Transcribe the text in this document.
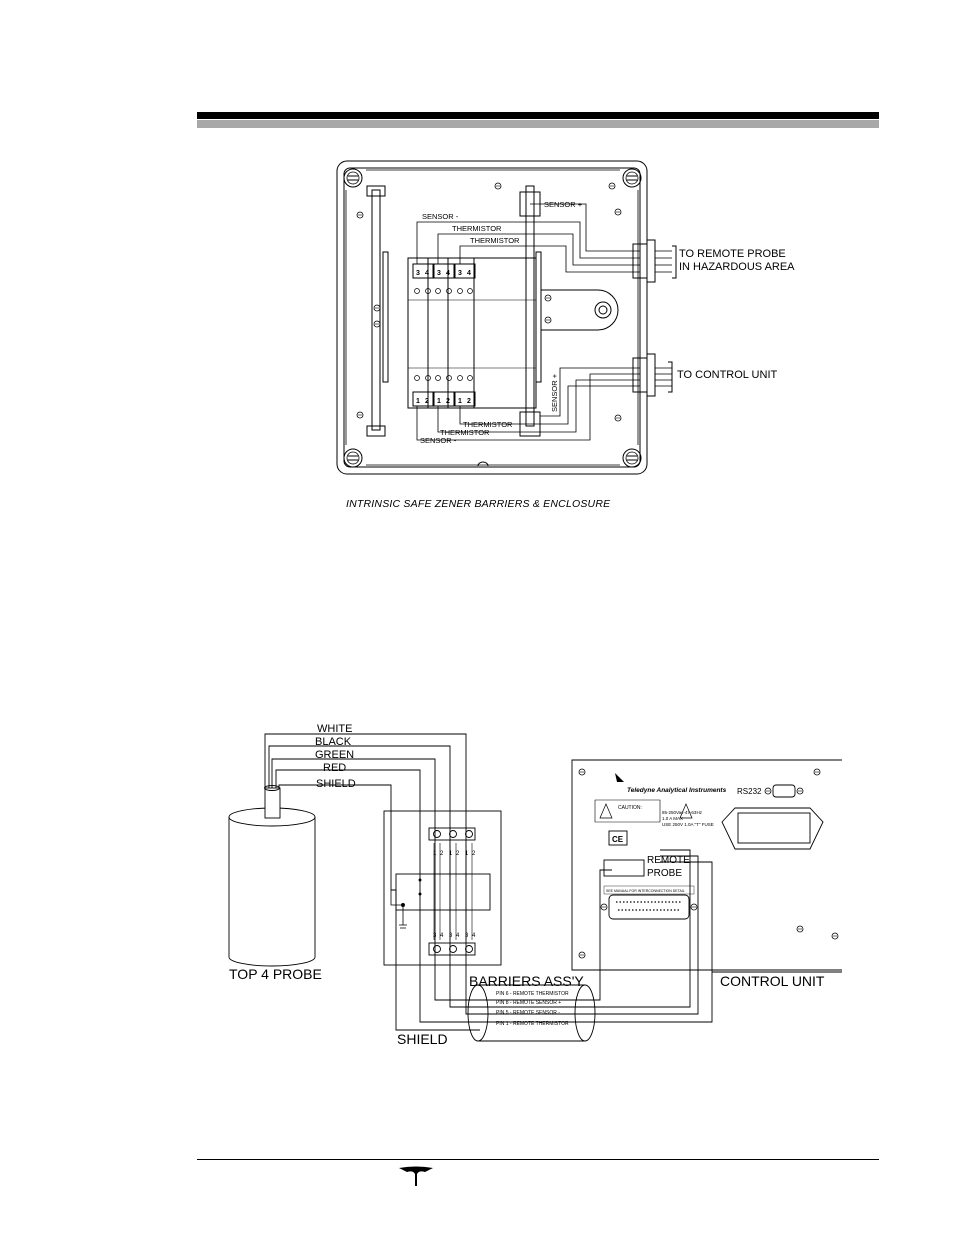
SENSOR -
THERMISTOR
THERMISTOR
SENSOR +
THERMISTOR
THERMISTOR
SENSOR -
SENSOR +
3 4 3 4 3 4
1 2 1 2 1 2
TO REMOTE PROBE
IN HAZARDOUS AREA
TO CONTROL UNIT
WHITE
BLACK
GREEN
RED
SHIELD
TOP 4 PROBE	BARRIERS ASS'Y
SHIELD
CONTROL UNIT
1 2 1 2 1 2
3 4 3 4 3 4
PIN 6 - REMOTE THERMISTOR
PIN 8 - REMOTE SENSOR +
PIN 5 - REMOTE SENSOR -
PIN 1 - REMOTE THERMISTOR
Teledyne Analytical Instruments RS232
CAUTION:
85-250Vac-47-63Hz
1.0 A MAX
USE 250V 1.0A "T" FUSE
CE
REMOTE
PROBE
SEE MANUAL FOR INTERCONNECTION DETAIL
INTRINSIC SAFE ZENER BARRIERS & ENCLOSURE
